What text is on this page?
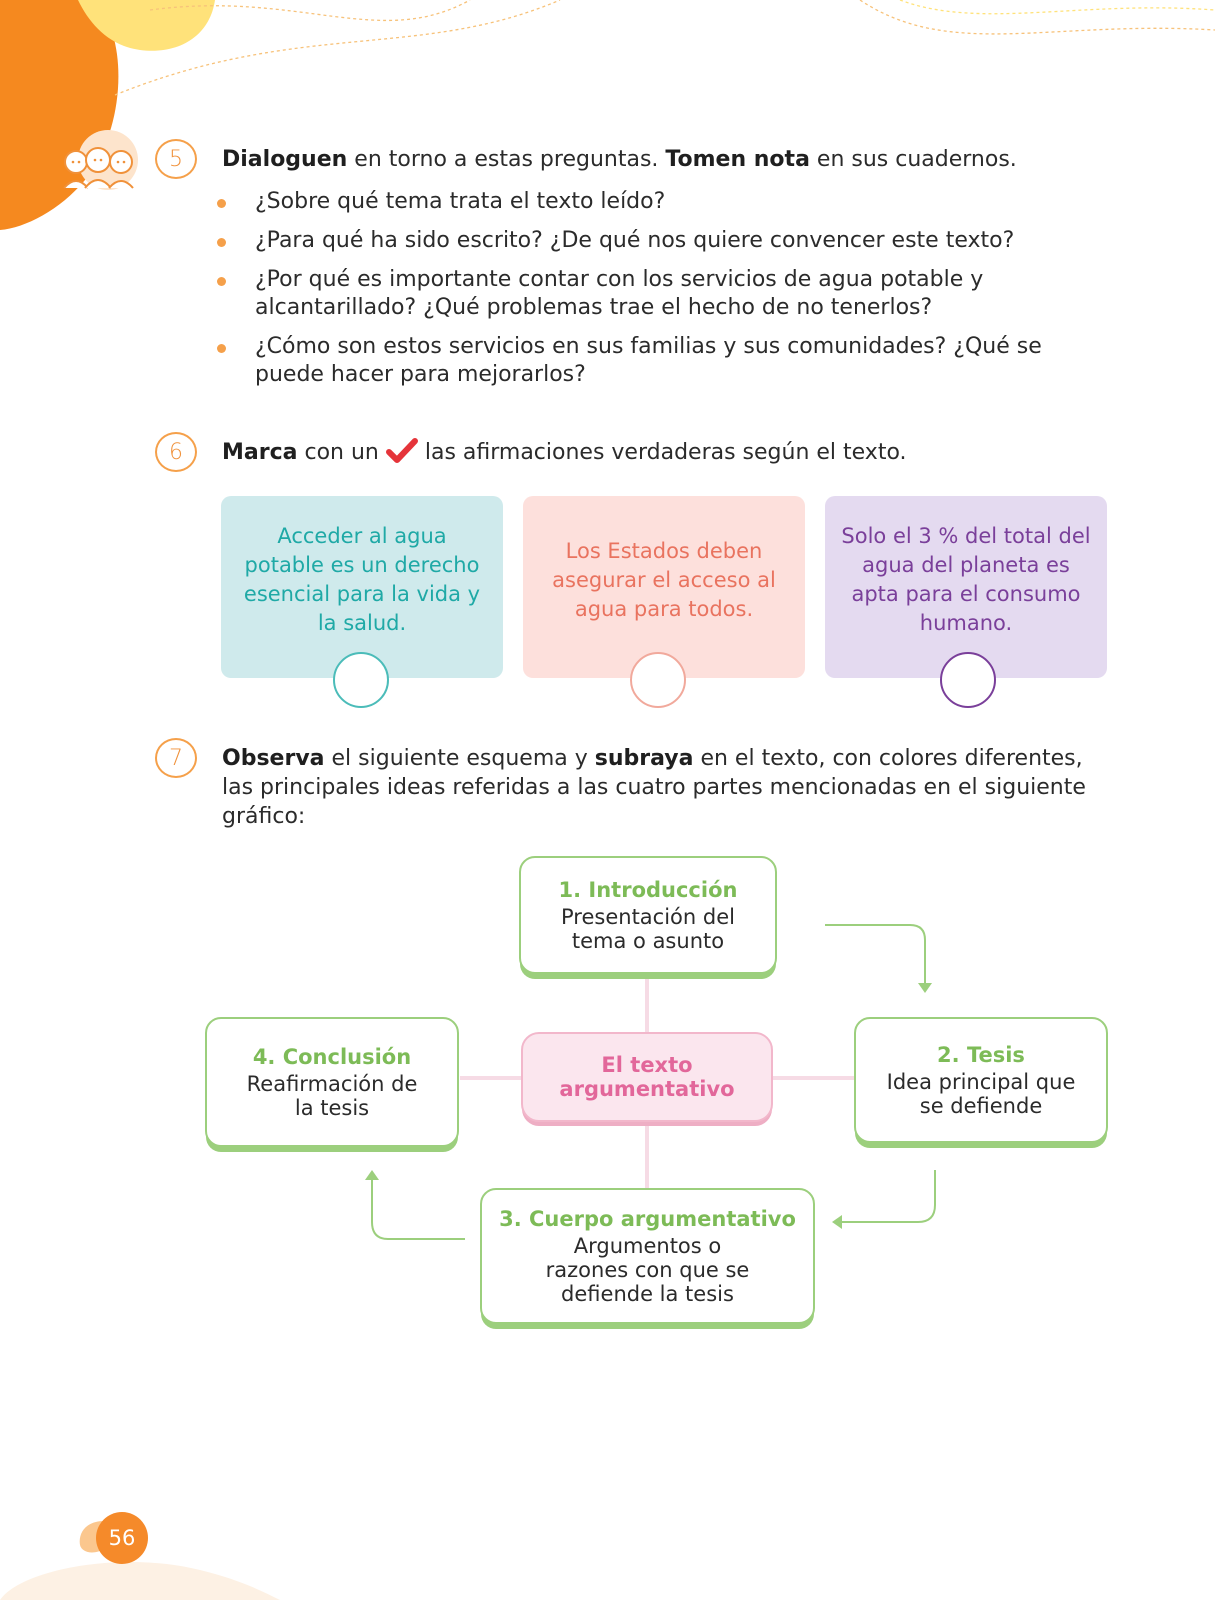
5	Dialoguen en torno a estas preguntas. Tomen nota en sus cuadernos.
¿Sobre qué tema trata el texto leído?
¿Para qué ha sido escrito? ¿De qué nos quiere convencer este texto?
¿Por qué es importante contar con los servicios de agua potable y alcantarillado? ¿Qué problemas trae el hecho de no tenerlos?
¿Cómo son estos servicios en sus familias y sus comunidades? ¿Qué se puede hacer para mejorarlos?
6	Marca con un  las afirmaciones verdaderas según el texto.
Acceder al agua potable es un derecho esencial para la vida y la salud.
Los Estados deben asegurar el acceso al agua para todos.
Solo el 3 % del total del agua del planeta es apta para el consumo humano.
7	Observa el siguiente esquema y subraya en el texto, con colores diferentes, las principales ideas referidas a las cuatro partes mencionadas en el siguiente gráfico:
1. Introducción
Presentación del tema o asunto
4. Conclusión
Reafirmación de la tesis
El texto argumentativo
2. Tesis
Idea principal que se defiende
3. Cuerpo argumentativo
Argumentos o razones con que se defiende la tesis
56
